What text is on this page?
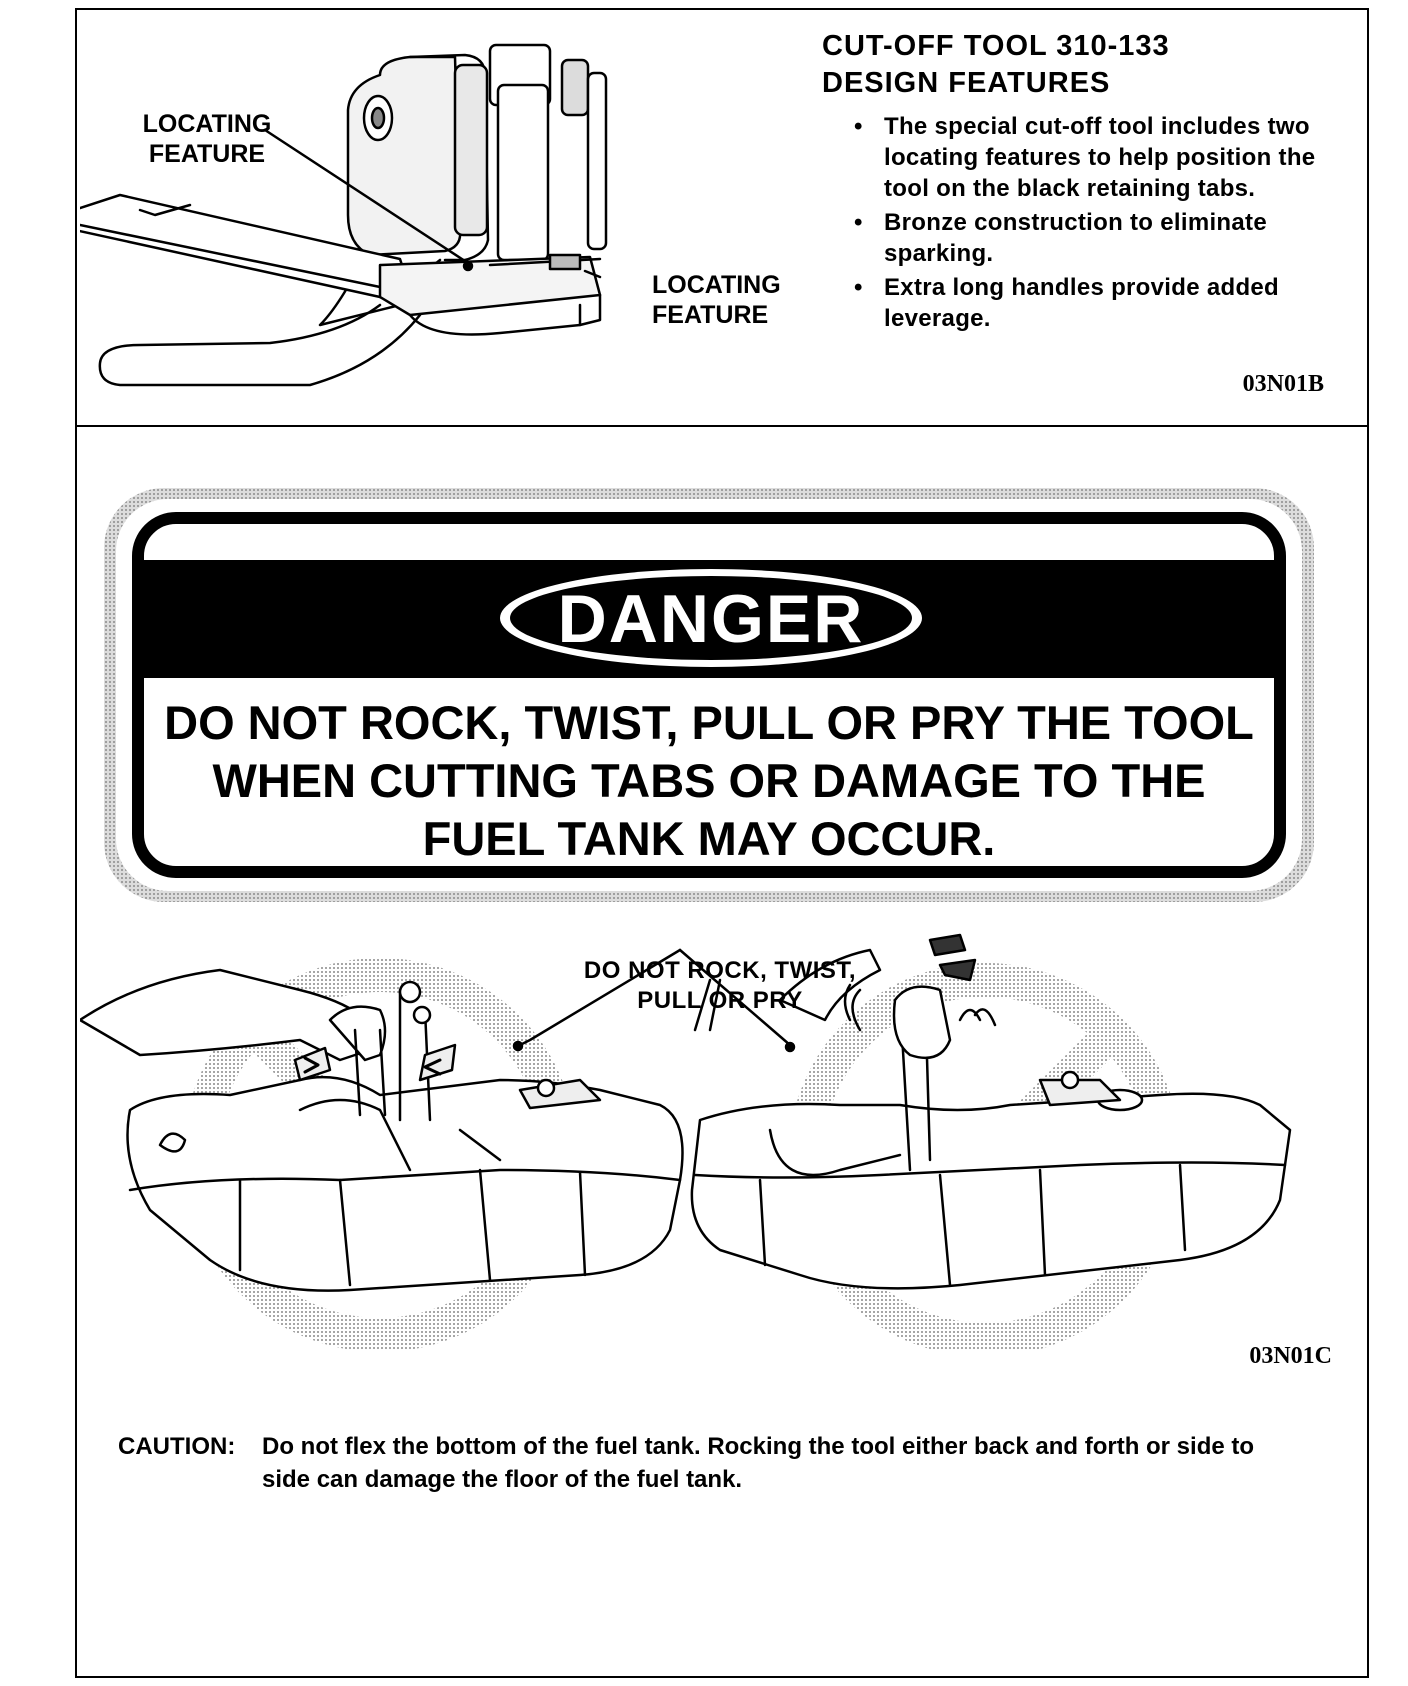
LOCATING FEATURE
LOCATING
FEATURE
CUT-OFF TOOL 310-133
DESIGN FEATURES
• The special cut-off tool includes two locating features to help position the tool on the black retaining tabs.
• Bronze construction to eliminate sparking.
• Extra long handles provide added leverage.
03N01B
DANGER
DO NOT ROCK, TWIST, PULL OR PRY THE TOOL
WHEN CUTTING TABS OR DAMAGE TO THE
FUEL TANK MAY OCCUR.
DO NOT ROCK, TWIST,
PULL OR PRY
03N01C
CAUTION: Do not flex the bottom of the fuel tank. Rocking the tool either back and forth or side to side can damage the floor of the fuel tank.
